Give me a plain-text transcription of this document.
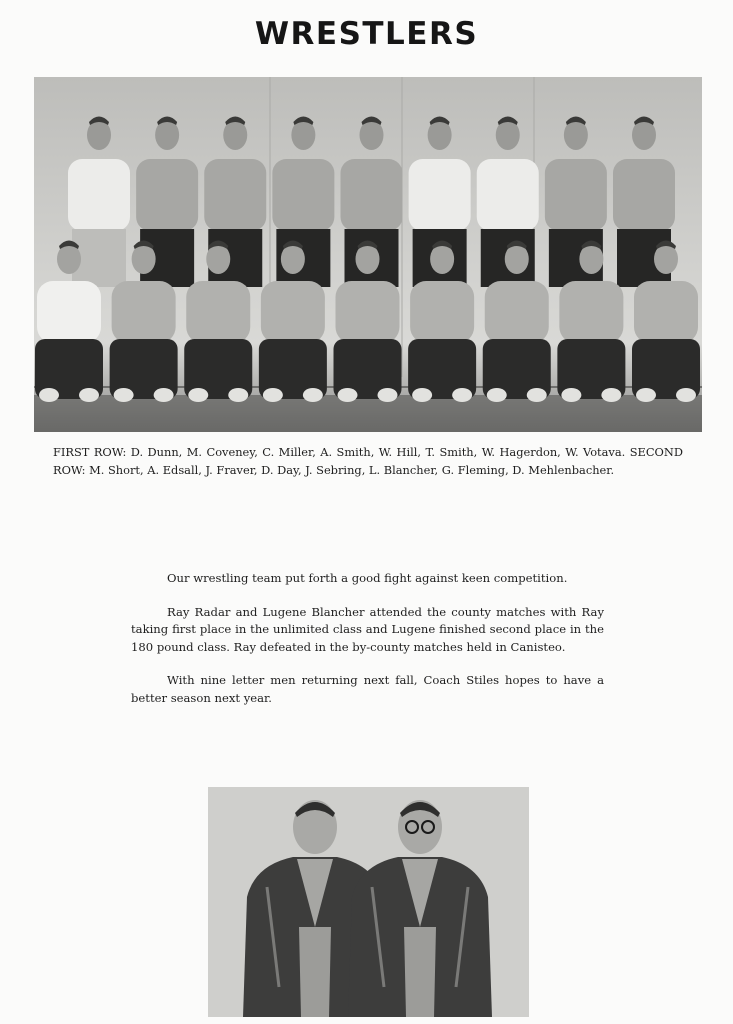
WRESTLERS
FIRST ROW: D. Dunn, M. Coveney, C. Miller, A. Smith, W. Hill, T. Smith, W. Hagerdon, W. Votava. SECOND ROW: M. Short, A. Edsall, J. Fraver, D. Day, J. Sebring, L. Blancher, G. Fleming, D. Mehlenbacher.

Our wrestling team put forth a good fight against keen competition.

Ray Radar and Lugene Blancher attended the county matches with Ray taking first place in the unlimited class and Lugene finished second place in the 180 pound class. Ray defeated in the by-county matches held in Canisteo.

With nine letter men returning next fall, Coach Stiles hopes to have a better season next year.
